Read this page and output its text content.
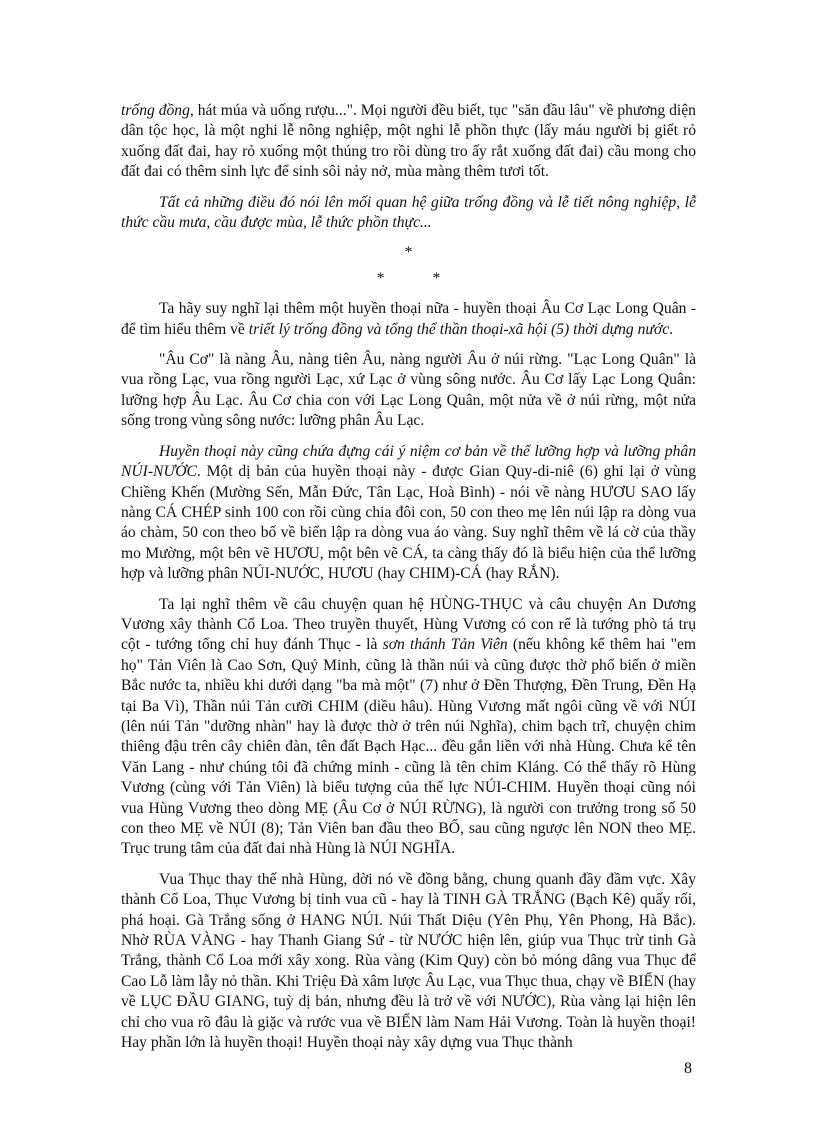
trống đồng, hát múa và uống rượu...". Mọi người đều biết, tục "săn đầu lâu" về phương diện dân tộc học, là một nghi lễ nông nghiệp, một nghi lễ phồn thực (lấy máu người bị giết rỏ xuống đất đai, hay rỏ xuống một thúng tro rồi dùng tro ấy rắt xuống đất đai) cầu mong cho đất đai có thêm sinh lực để sinh sôi nảy nở, mùa màng thêm tươi tốt.

Tất cả những điều đó nói lên mối quan hệ giữa trống đồng và lễ tiết nông nghiệp, lễ thức cầu mưa, cầu được mùa, lễ thức phồn thực...

*
* *

Ta hãy suy nghĩ lại thêm một huyền thoại nữa - huyền thoại Âu Cơ Lạc Long Quân - để tìm hiểu thêm về triết lý trống đồng và tổng thể thần thoại-xã hội (5) thời dựng nước.

"Âu Cơ" là nàng Âu, nàng tiên Âu, nàng người Âu ở núi rừng. "Lạc Long Quân" là vua rồng Lạc, vua rồng người Lạc, xứ Lạc ở vùng sông nước. Âu Cơ lấy Lạc Long Quân: lưỡng hợp Âu Lạc. Âu Cơ chia con với Lạc Long Quân, một nửa về ở núi rừng, một nửa sống trong vùng sông nước: lưỡng phân Âu Lạc.

Huyền thoại này cũng chứa đựng cái ý niệm cơ bản về thể lưỡng hợp và lưỡng phân NÚI-NƯỚC. Một dị bản của huyền thoại này - được Gian Quy-di-niê (6) ghi lại ở vùng Chiềng Khến (Mường Sến, Mẫn Đức, Tân Lạc, Hoà Bình) - nói về nàng HƯƠU SAO lấy nàng CÁ CHÉP sinh 100 con rồi cùng chia đôi con, 50 con theo mẹ lên núi lập ra dòng vua áo chàm, 50 con theo bố về biển lập ra dòng vua áo vàng. Suy nghĩ thêm về lá cờ của thầy mo Mường, một bên vẽ HƯƠU, một bên vẽ CÁ, ta càng thấy đó là biểu hiện của thể lưỡng hợp và lưỡng phân NÚI-NƯỚC, HƯƠU (hay CHIM)-CÁ (hay RẮN).

Ta lại nghĩ thêm về câu chuyện quan hệ HÙNG-THỤC và câu chuyện An Dương Vương xây thành Cổ Loa. Theo truyền thuyết, Hùng Vương có con rể là tướng phò tá trụ cột - tướng tổng chỉ huy đánh Thục - là sơn thánh Tản Viên (nếu không kể thêm hai "em họ" Tản Viên là Cao Sơn, Quý Minh, cũng là thần núi và cũng được thờ phổ biến ở miền Bắc nước ta, nhiều khi dưới dạng "ba mà một" (7) như ở Đền Thượng, Đền Trung, Đền Hạ tại Ba Vì), Thần núi Tản cưỡi CHIM (diều hâu). Hùng Vương mất ngôi cũng về với NÚI (lên núi Tản "dưỡng nhàn" hay là được thờ ở trên núi Nghĩa), chim bạch trĩ, chuyện chim thiêng đậu trên cây chiên đàn, tên đất Bạch Hạc... đều gắn liền với nhà Hùng. Chưa kể tên Văn Lang - như chúng tôi đã chứng minh - cũng là tên chim Kláng. Có thể thấy rõ Hùng Vương (cùng với Tản Viên) là biểu tượng của thế lực NÚI-CHIM. Huyền thoại cũng nói vua Hùng Vương theo dòng MẸ (Âu Cơ ở NÚI RỪNG), là người con trưởng trong số 50 con theo MẸ về NÚI (8); Tản Viên ban đầu theo BỐ, sau cũng ngược lên NON theo MẸ. Trục trung tâm của đất đai nhà Hùng là NÚI NGHĨA.

Vua Thục thay thế nhà Hùng, dời nó về đồng bằng, chung quanh đầy đầm vực. Xây thành Cổ Loa, Thục Vương bị tinh vua cũ - hay là TINH GÀ TRẮNG (Bạch Kê) quấy rối, phá hoại. Gà Trắng sống ở HANG NÚI. Núi Thất Diệu (Yên Phụ, Yên Phong, Hà Bắc). Nhờ RÙA VÀNG - hay Thanh Giang Sứ - từ NƯỚC hiện lên, giúp vua Thục trừ tinh Gà Trắng, thành Cổ Loa mới xây xong. Rùa vàng (Kim Quy) còn bỏ móng dâng vua Thục để Cao Lỗ làm lẫy nỏ thần. Khi Triệu Đà xâm lược Âu Lạc, vua Thục thua, chạy về BIỂN (hay về LỤC ĐẦU GIANG, tuỳ dị bản, nhưng đều là trở về với NƯỚC), Rùa vàng lại hiện lên chỉ cho vua rõ đâu là giặc và rước vua về BIỂN làm Nam Hải Vương. Toàn là huyền thoại! Hay phần lớn là huyền thoại! Huyền thoại này xây dựng vua Thục thành

8
